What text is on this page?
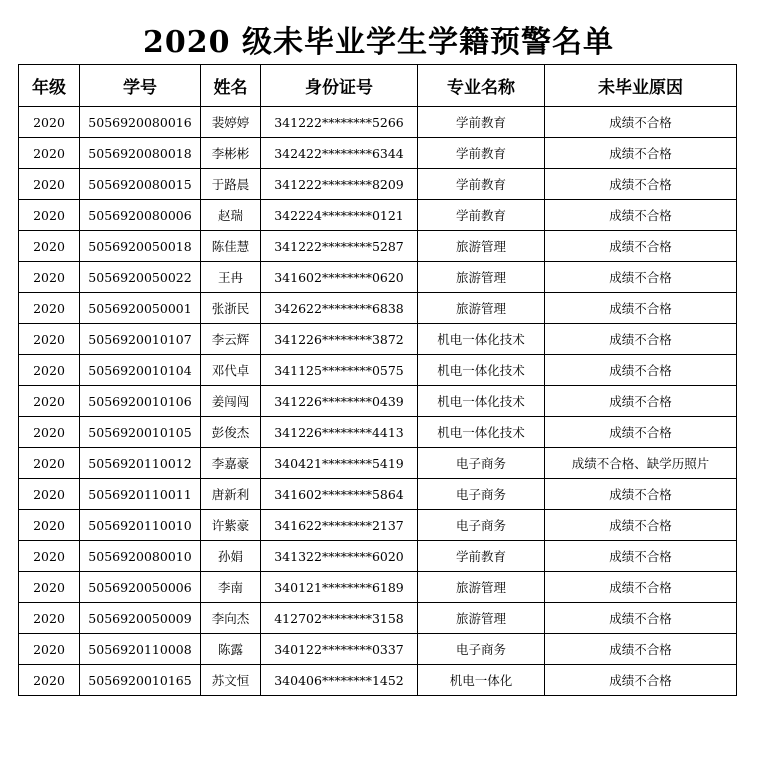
2020 级未毕业学生学籍预警名单
年级	学号	姓名	身份证号	专业名称	未毕业原因
2020	5056920080016	裴婷婷	341222********5266	学前教育	成绩不合格
2020	5056920080018	李彬彬	342422********6344	学前教育	成绩不合格
2020	5056920080015	于路晨	341222********8209	学前教育	成绩不合格
2020	5056920080006	赵瑞	342224********0121	学前教育	成绩不合格
2020	5056920050018	陈佳慧	341222********5287	旅游管理	成绩不合格
2020	5056920050022	王冉	341602********0620	旅游管理	成绩不合格
2020	5056920050001	张浙民	342622********6838	旅游管理	成绩不合格
2020	5056920010107	李云辉	341226********3872	机电一体化技术	成绩不合格
2020	5056920010104	邓代卓	341125********0575	机电一体化技术	成绩不合格
2020	5056920010106	姜闯闯	341226********0439	机电一体化技术	成绩不合格
2020	5056920010105	彭俊杰	341226********4413	机电一体化技术	成绩不合格
2020	5056920110012	李嘉豪	340421********5419	电子商务	成绩不合格、缺学历照片
2020	5056920110011	唐新利	341602********5864	电子商务	成绩不合格
2020	5056920110010	许紫豪	341622********2137	电子商务	成绩不合格
2020	5056920080010	孙娟	341322********6020	学前教育	成绩不合格
2020	5056920050006	李南	340121********6189	旅游管理	成绩不合格
2020	5056920050009	李向杰	412702********3158	旅游管理	成绩不合格
2020	5056920110008	陈露	340122********0337	电子商务	成绩不合格
2020	5056920010165	苏文恒	340406********1452	机电一体化	成绩不合格
